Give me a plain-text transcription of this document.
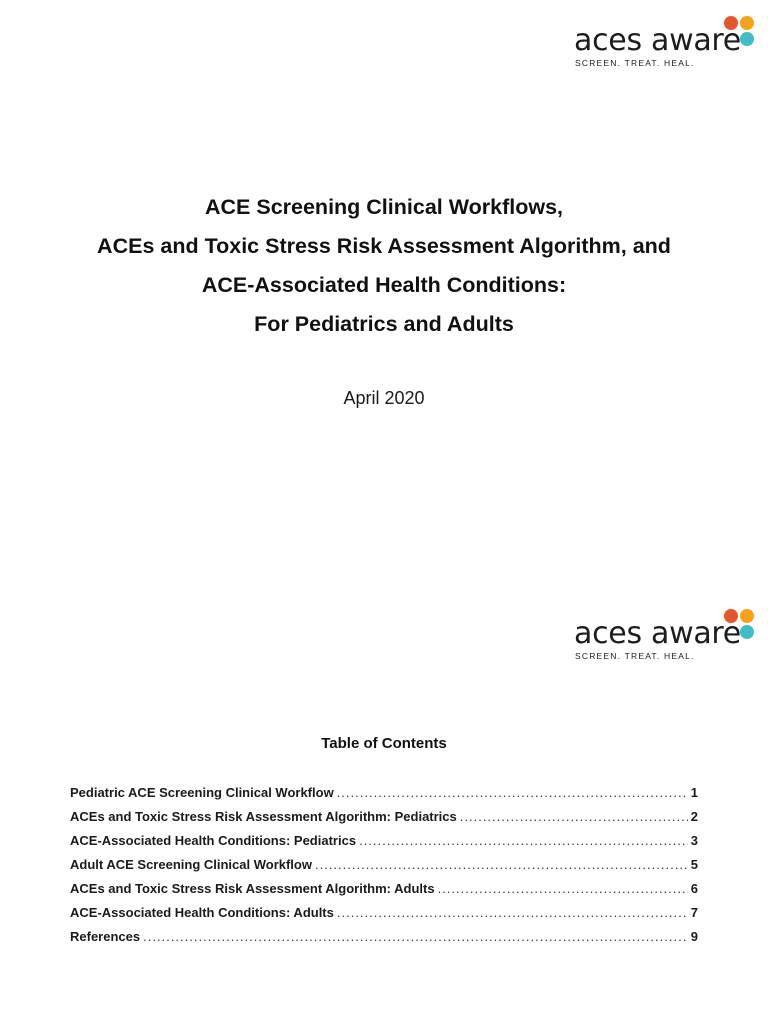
aces aware
SCREEN. TREAT. HEAL.
ACE Screening Clinical Workflows,
ACEs and Toxic Stress Risk Assessment Algorithm, and
ACE-Associated Health Conditions:
For Pediatrics and Adults
April 2020
aces aware
SCREEN. TREAT. HEAL.
Table of Contents
Pediatric ACE Screening Clinical Workflow .....	1
ACEs and Toxic Stress Risk Assessment Algorithm: Pediatrics .....	2
ACE-Associated Health Conditions: Pediatrics .....	3
Adult ACE Screening Clinical Workflow .....	5
ACEs and Toxic Stress Risk Assessment Algorithm: Adults .....	6
ACE-Associated Health Conditions: Adults .....	7
References .....	9
